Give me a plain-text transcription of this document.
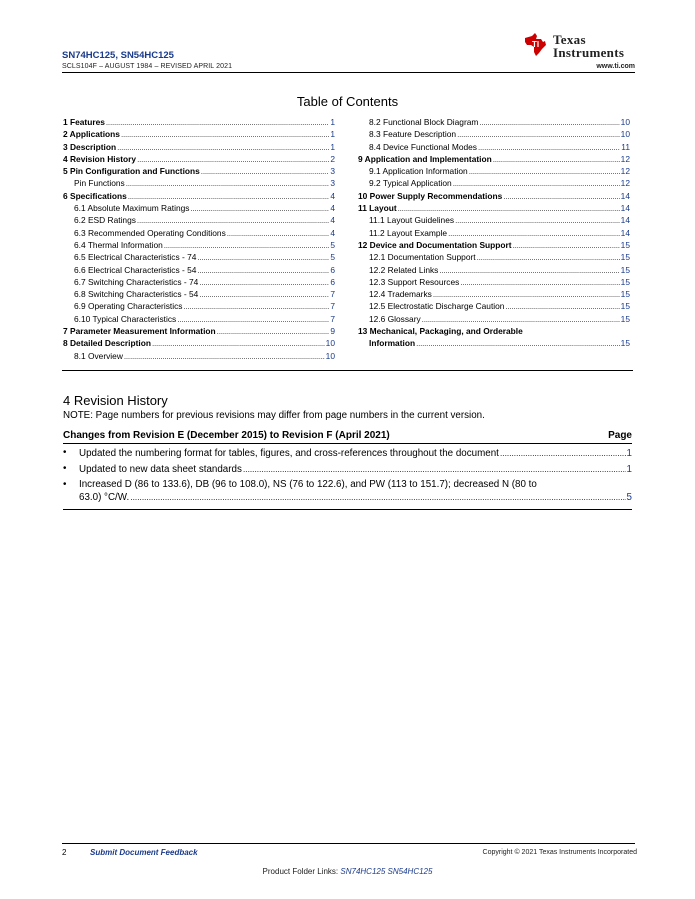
SN74HC125, SN54HC125
SCLS104F – AUGUST 1984 – REVISED APRIL 2021
TI Texas
Instruments
www.ti.com
Table of Contents
1 Features .....	1
2 Applications .....	1
3 Description .....	1
4 Revision History .....	2
5 Pin Configuration and Functions .....	3
Pin Functions .....	3
6 Specifications .....	4
6.1 Absolute Maximum Ratings .....	4
6.2 ESD Ratings .....	4
6.3 Recommended Operating Conditions .....	4
6.4 Thermal Information .....	5
6.5 Electrical Characteristics - 74 .....	5
6.6 Electrical Characteristics - 54 .....	6
6.7 Switching Characteristics - 74 .....	6
6.8 Switching Characteristics - 54 .....	7
6.9 Operating Characteristics .....	7
6.10 Typical Characteristics .....	7
7 Parameter Measurement Information .....	9
8 Detailed Description .....	10
8.1 Overview .....	10
8.2 Functional Block Diagram .....	10
8.3 Feature Description .....	10
8.4 Device Functional Modes .....	11
9 Application and Implementation .....	12
9.1 Application Information .....	12
9.2 Typical Application .....	12
10 Power Supply Recommendations .....	14
11 Layout .....	14
11.1 Layout Guidelines .....	14
11.2 Layout Example .....	14
12 Device and Documentation Support .....	15
12.1 Documentation Support .....	15
12.2 Related Links .....	15
12.3 Support Resources .....	15
12.4 Trademarks .....	15
12.5 Electrostatic Discharge Caution .....	15
12.6 Glossary .....	15
13 Mechanical, Packaging, and Orderable
Information .....	15
4 Revision History
NOTE: Page numbers for previous revisions may differ from page numbers in the current version.
Changes from Revision E (December 2015) to Revision F (April 2021)	Page
• Updated the numbering format for tables, figures, and cross-references throughout the document .....	1
• Updated to new data sheet standards .....	1
• Increased D (86 to 133.6), DB (96 to 108.0), NS (76 to 122.6), and PW (113 to 151.7); decreased N (80 to
63.0) °C/W. .....	5
2	Submit Document Feedback	Copyright © 2021 Texas Instruments Incorporated
Product Folder Links: SN74HC125 SN54HC125
